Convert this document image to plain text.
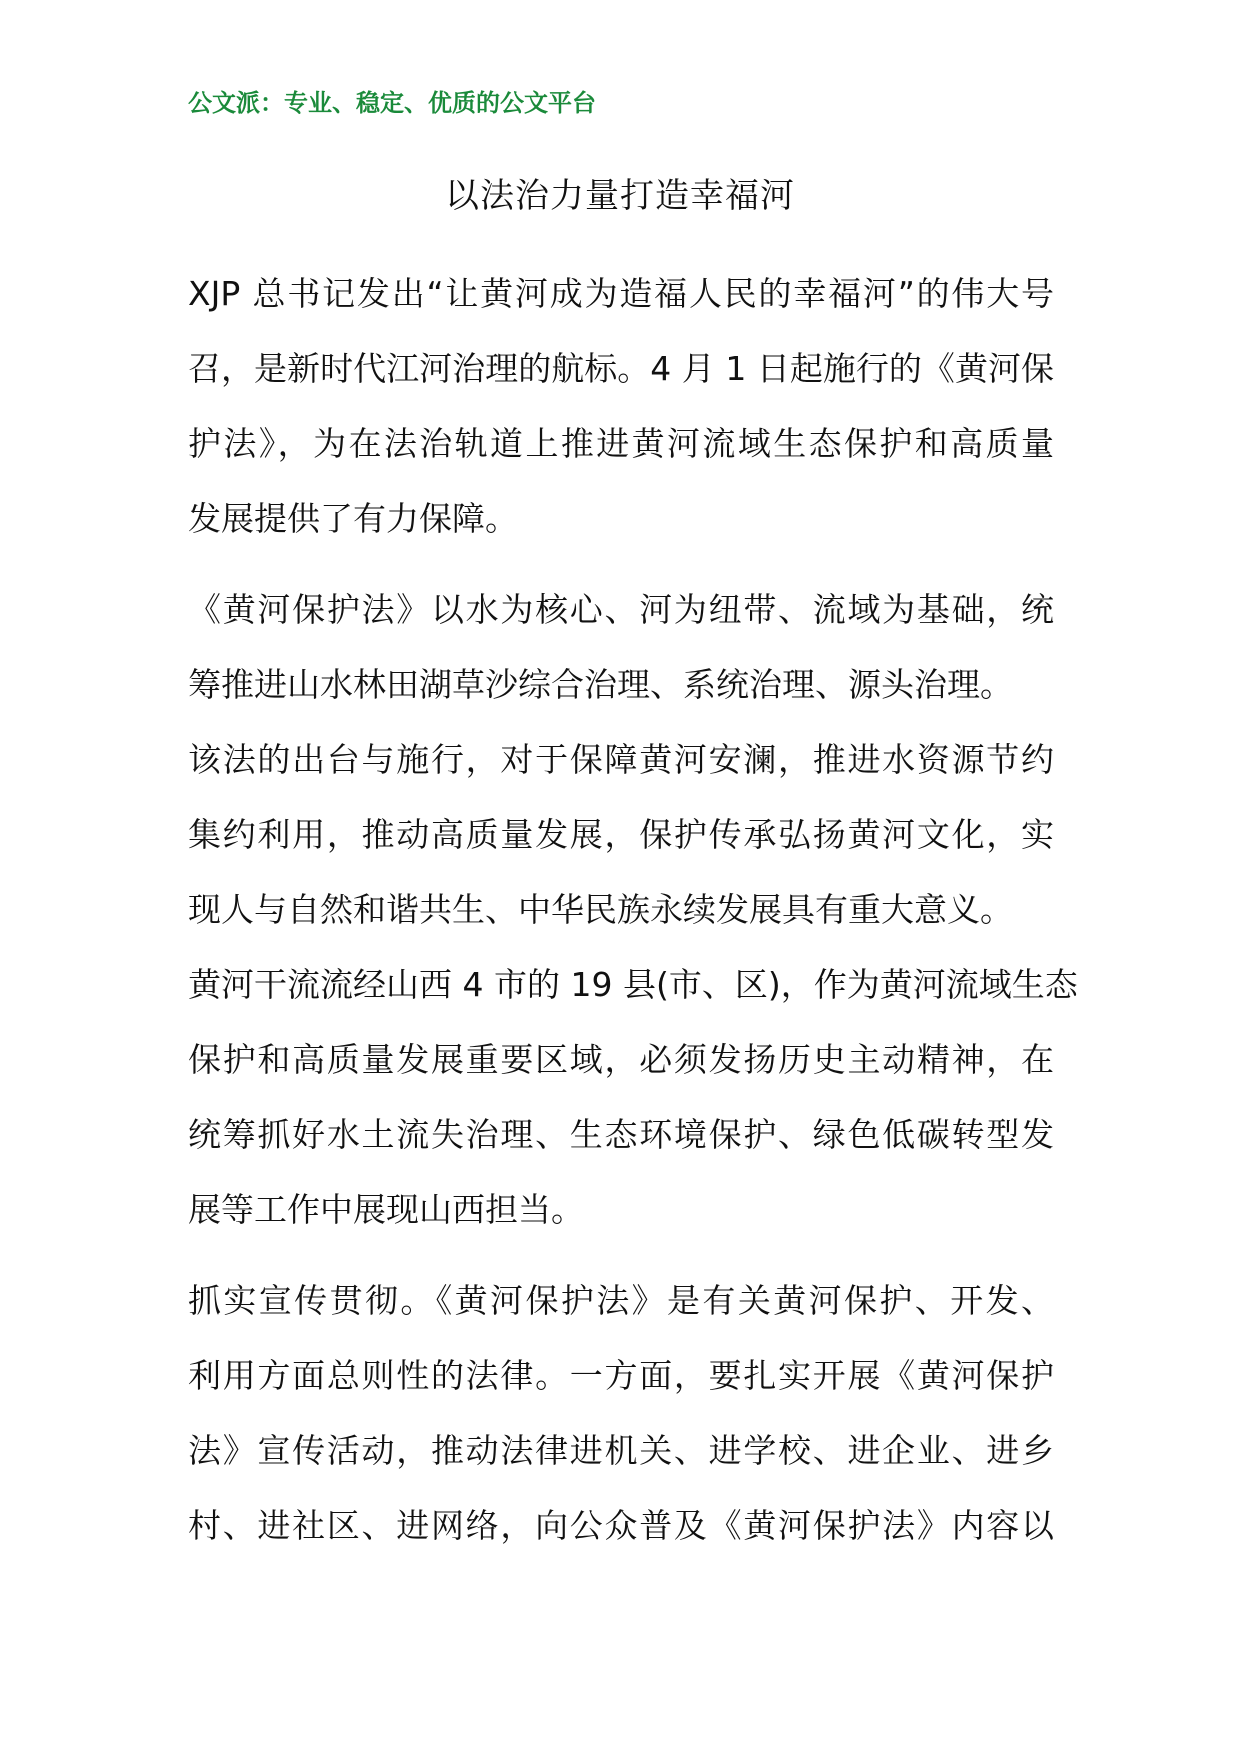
公文派：专业、稳定、优质的公文平台
以法治力量打造幸福河

XJP 总书记发出“让黄河成为造福人民的幸福河”的伟大号
召，是新时代江河治理的航标。4 月 1 日起施行的《黄河保
护法》，为在法治轨道上推进黄河流域生态保护和高质量
发展提供了有力保障。

《黄河保护法》以水为核心、河为纽带、流域为基础，统
筹推进山水林田湖草沙综合治理、系统治理、源头治理。
该法的出台与施行，对于保障黄河安澜，推进水资源节约
集约利用，推动高质量发展，保护传承弘扬黄河文化，实
现人与自然和谐共生、中华民族永续发展具有重大意义。

黄河干流流经山西 4 市的 19 县(市、区)，作为黄河流域生态
保护和高质量发展重要区域，必须发扬历史主动精神，在
统筹抓好水土流失治理、生态环境保护、绿色低碳转型发
展等工作中展现山西担当。

抓实宣传贯彻。《黄河保护法》是有关黄河保护、开发、
利用方面总则性的法律。一方面，要扎实开展《黄河保护
法》宣传活动，推动法律进机关、进学校、进企业、进乡
村、进社区、进网络，向公众普及《黄河保护法》内容以
